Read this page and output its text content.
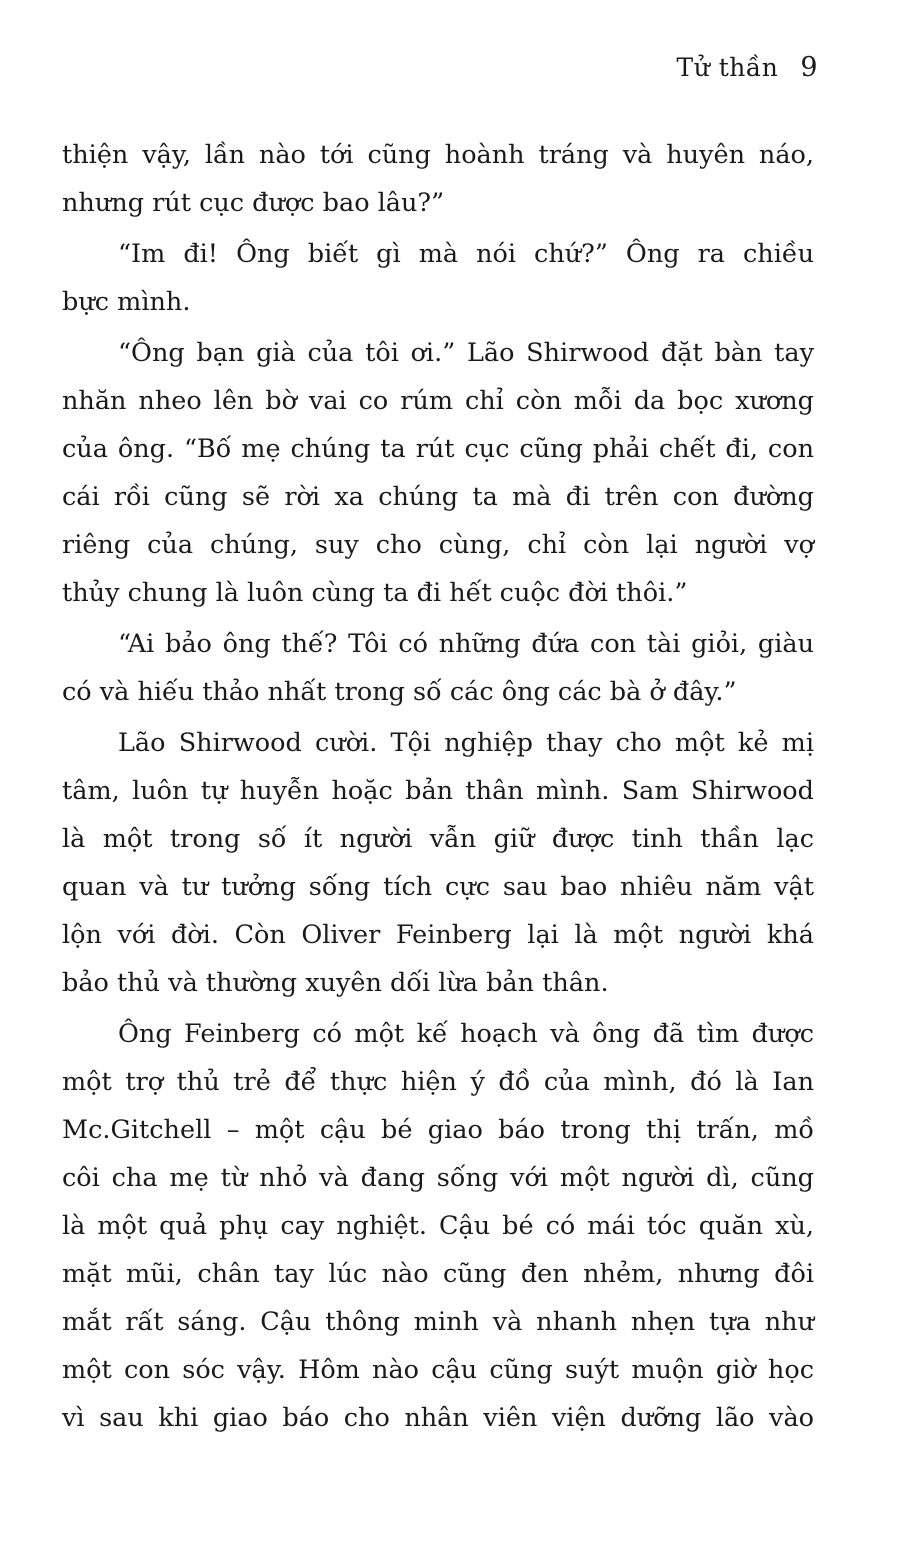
Tử thần 9
thiện vậy, lần nào tới cũng hoành tráng và huyên náo,
nhưng rút cục được bao lâu?”
“Im đi! Ông biết gì mà nói chứ?” Ông ra chiều
bực mình.
“Ông bạn già của tôi ơi.” Lão Shirwood đặt bàn tay
nhăn nheo lên bờ vai co rúm chỉ còn mỗi da bọc xương
của ông. “Bố mẹ chúng ta rút cục cũng phải chết đi, con
cái rồi cũng sẽ rời xa chúng ta mà đi trên con đường
riêng của chúng, suy cho cùng, chỉ còn lại người vợ
thủy chung là luôn cùng ta đi hết cuộc đời thôi.”
“Ai bảo ông thế? Tôi có những đứa con tài giỏi, giàu
có và hiếu thảo nhất trong số các ông các bà ở đây.”
Lão Shirwood cười. Tội nghiệp thay cho một kẻ mị
tâm, luôn tự huyễn hoặc bản thân mình. Sam Shirwood
là một trong số ít người vẫn giữ được tinh thần lạc
quan và tư tưởng sống tích cực sau bao nhiêu năm vật
lộn với đời. Còn Oliver Feinberg lại là một người khá
bảo thủ và thường xuyên dối lừa bản thân.
Ông Feinberg có một kế hoạch và ông đã tìm được
một trợ thủ trẻ để thực hiện ý đồ của mình, đó là Ian
Mc.Gitchell – một cậu bé giao báo trong thị trấn, mồ
côi cha mẹ từ nhỏ và đang sống với một người dì, cũng
là một quả phụ cay nghiệt. Cậu bé có mái tóc quăn xù,
mặt mũi, chân tay lúc nào cũng đen nhẻm, nhưng đôi
mắt rất sáng. Cậu thông minh và nhanh nhẹn tựa như
một con sóc vậy. Hôm nào cậu cũng suýt muộn giờ học
vì sau khi giao báo cho nhân viên viện dưỡng lão vào
